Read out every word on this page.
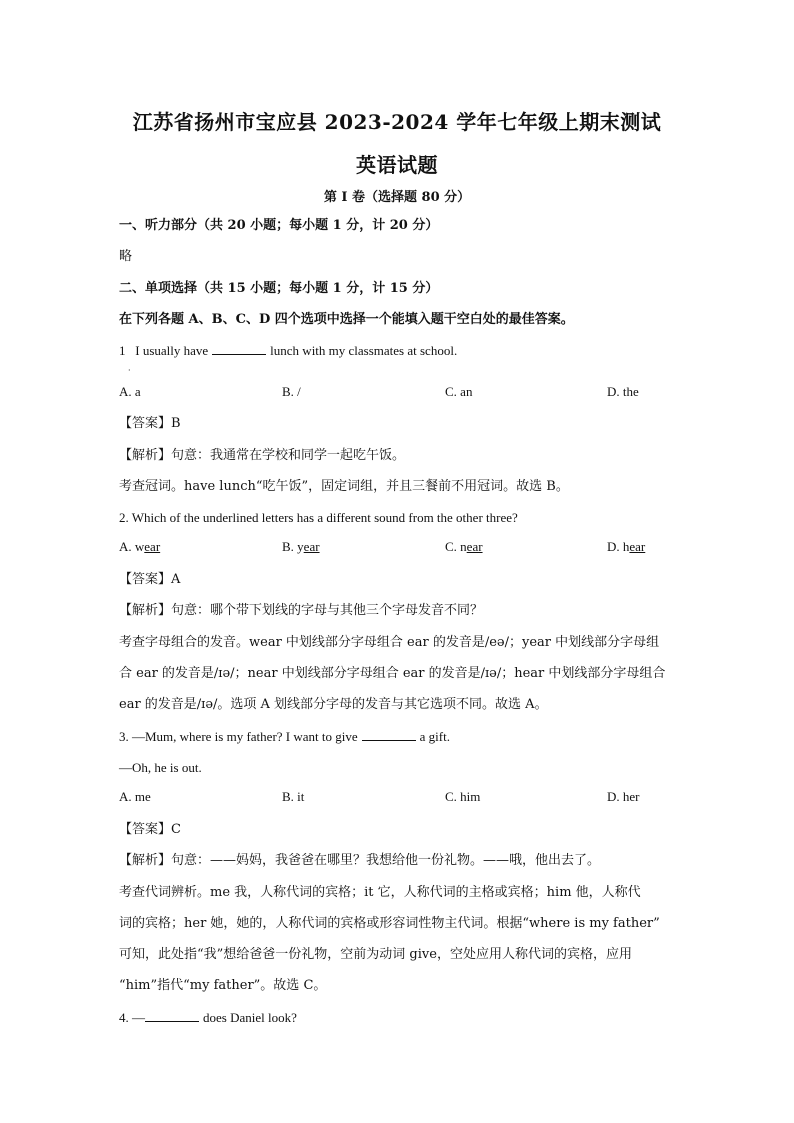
江苏省扬州市宝应县 2023-2024 学年七年级上期末测试
英语试题
第 I 卷（选择题 80 分）
一、听力部分（共 20 小题；每小题 1 分，计 20 分）
略
二、单项选择（共 15 小题；每小题 1 分，计 15 分）
在下列各题 A、B、C、D 四个选项中选择一个能填入题干空白处的最佳答案。
1 I usually have	lunch with my classmates at school.
·
A. a	B. /	C. an	D. the
【答案】B
【解析】句意：我通常在学校和同学一起吃午饭。
考查冠词。have lunch“吃午饭”，固定词组，并且三餐前不用冠词。故选 B。
2. Which of the underlined letters has a different sound from the other three?
A. wear	B. year	C. near	D. hear
【答案】A
【解析】句意：哪个带下划线的字母与其他三个字母发音不同？
考查字母组合的发音。wear 中划线部分字母组合 ear 的发音是/eə/；year 中划线部分字母组
合 ear 的发音是/ɪə/；near 中划线部分字母组合 ear 的发音是/ɪə/；hear 中划线部分字母组合
ear 的发音是/ɪə/。选项 A 划线部分字母的发音与其它选项不同。故选 A。
3. —Mum, where is my father? I want to give	a gift.
—Oh, he is out.
A. me	B. it	C. him	D. her
【答案】C
【解析】句意：——妈妈，我爸爸在哪里？我想给他一份礼物。——哦，他出去了。
考查代词辨析。me 我，人称代词的宾格；it 它，人称代词的主格或宾格；him 他，人称代
词的宾格；her 她，她的，人称代词的宾格或形容词性物主代词。根据“where is my father”
可知，此处指“我”想给爸爸一份礼物，空前为动词 give，空处应用人称代词的宾格，应用
“him”指代“my father”。故选 C。
4. —	does Daniel look?
